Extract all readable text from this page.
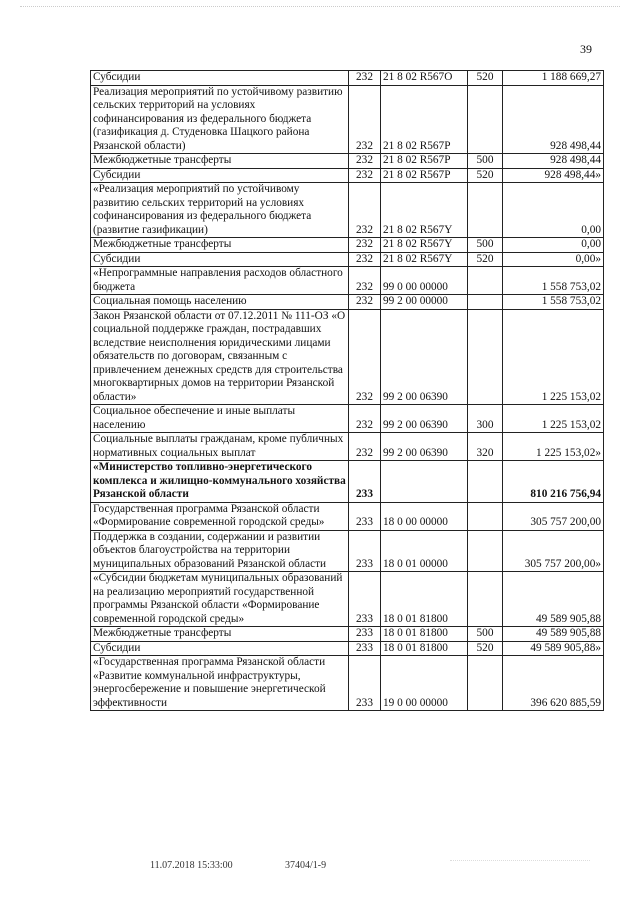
39
Субсидии	232	21 8 02 R567O	520	1 188 669,27
Реализация мероприятий по устойчивому развитию сельских территорий на условиях софинансирования из федерального бюджета (газификация д. Студеновка Шацкого района Рязанской области)	232	21 8 02 R567P		928 498,44
Межбюджетные трансферты	232	21 8 02 R567P	500	928 498,44
Субсидии	232	21 8 02 R567P	520	928 498,44»
«Реализация мероприятий по устойчивому развитию сельских территорий на условиях софинансирования из федерального бюджета (развитие газификации)	232	21 8 02 R567Y		0,00
Межбюджетные трансферты	232	21 8 02 R567Y	500	0,00
Субсидии	232	21 8 02 R567Y	520	0,00»
«Непрограммные направления расходов областного бюджета	232	99 0 00 00000		1 558 753,02
Социальная помощь населению	232	99 2 00 00000		1 558 753,02
Закон Рязанской области от 07.12.2011 № 111-ОЗ «О социальной поддержке граждан, пострадавших вследствие неисполнения юридическими лицами обязательств по договорам, связанным с привлечением денежных средств для строительства многоквартирных домов на территории Рязанской области»	232	99 2 00 06390		1 225 153,02
Социальное обеспечение и иные выплаты населению	232	99 2 00 06390	300	1 225 153,02
Социальные выплаты гражданам, кроме публичных нормативных социальных выплат	232	99 2 00 06390	320	1 225 153,02»
«Министерство топливно-энергетического комплекса и жилищно-коммунального хозяйства Рязанской области	233			810 216 756,94
Государственная программа Рязанской области «Формирование современной городской среды»	233	18 0 00 00000		305 757 200,00
Поддержка в создании, содержании и развитии объектов благоустройства на территории муниципальных образований Рязанской области	233	18 0 01 00000		305 757 200,00»
«Субсидии бюджетам муниципальных образований на реализацию мероприятий государственной программы Рязанской области «Формирование современной городской среды»	233	18 0 01 81800		49 589 905,88
Межбюджетные трансферты	233	18 0 01 81800	500	49 589 905,88
Субсидии	233	18 0 01 81800	520	49 589 905,88»
«Государственная программа Рязанской области «Развитие коммунальной инфраструктуры, энергосбережение и повышение энергетической эффективности	233	19 0 00 00000		396 620 885,59
11.07.2018 15:33:00	37404/1-9
